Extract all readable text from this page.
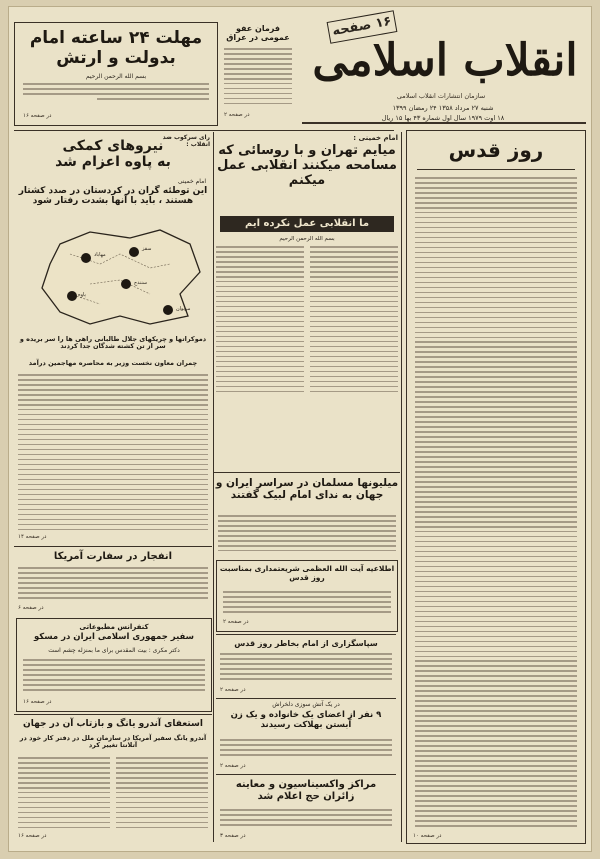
۱۶ صفحه
انقلاب اسلامی
سازمان انتشارات انقلاب اسلامی
شنبه ۲۷ مرداد ۱۳۵۸ ۲۴ رمضان ۱۳۹۹
۱۸ اوت ۱۹۷۹ سال اول شماره ۴۳ بها ۱۵ ریال
مهلت ۲۴ ساعته امام بدولت و ارتش
بسم الله الرحمن الرحیم
در صفحه ۱۶
فرمان عفو عمومی در عراق
در صفحه ۲
روز قدس
در صفحه ۱۰
امام خمینی :
میایم تهران و با روسائی که مسامحه میکنند انقلابی عمل میکنم
ما انقلابی عمل نکرده ایم
بسم الله الرحمن الرحیم
رای سرکوب ضد انقلاب :
نیروهای کمکی به پاوه اعزام شد
امام خمینی
این توطئه گران در کردستان در صدد کشتار هستند ، باید با آنها بشدت رفتار شود
مهاباد
سقز
سنندج
پاوه
مریوان
دموکراتها و چریکهای جلال طالبانی راهی ها را سر بریده و سر از تن کشته شدگان جدا کردند
چمران معاون نخست وزیر به محاصره مهاجمین درآمد
در صفحه ۱۴
میلیونها مسلمان در سراسر ایران و جهان به ندای امام لبیک گفتند
اطلاعیه آیت الله العظمی شریعتمداری بمناسبت روز قدس
در صفحه ۲
سپاسگزاری از امام بخاطر روز قدس
در صفحه ۲
در یک آتش سوزی دلخراش
۹ نفر از اعضای یک خانواده و یک زن آبستن بهلاکت رسیدند
در صفحه ۲
مراکز واکسیناسیون و معاینه زائران حج اعلام شد
در صفحه ۳
انفجار در سفارت آمریکا
در صفحه ۶
کنفرانس مطبوعاتی
سفیر جمهوری اسلامی ایران در مسکو
دکتر مکری : بیت المقدس برای ما بمنزله چشم است
در صفحه ۱۶
استعفای آندرو یانگ و بازتاب آن در جهان
آندرو یانگ سفیر آمریکا در سازمان ملل در دفتر کار خود در آتلانتا تغییر کرد
در صفحه ۱۶
